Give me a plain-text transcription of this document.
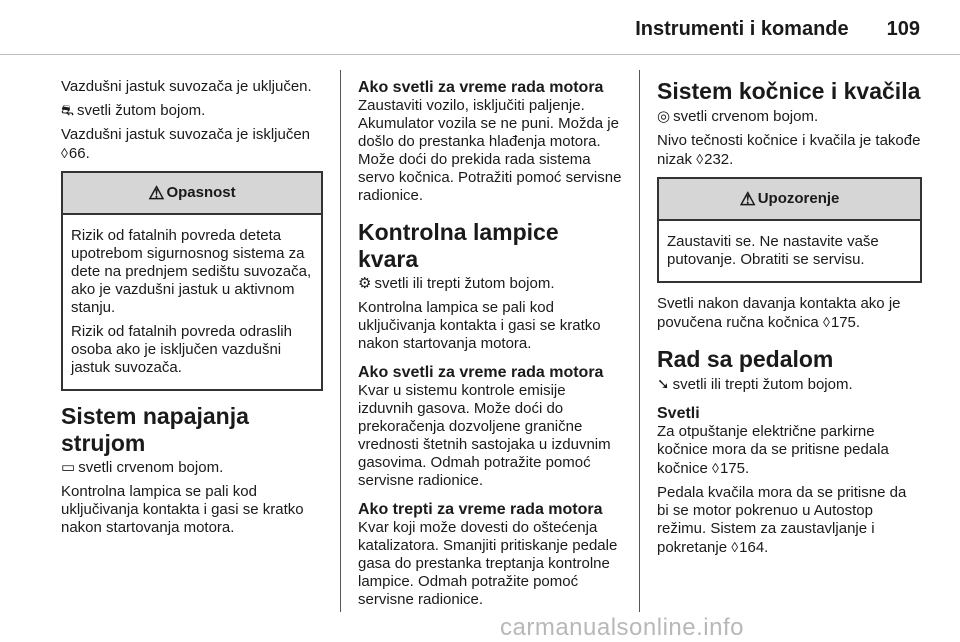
Instrumenti i komande 109

Vazdušni jastuk suvozača je uključen.

⛐ svetli žutom bojom.

Vazdušni jastuk suvozača je isključen ◊66.

⚠ Opasnost

Rizik od fatalnih povreda deteta upotrebom sigurnosnog sistema za dete na prednjem sedištu suvozača, ako je vazdušni jastuk u aktivnom stanju.

Rizik od fatalnih povreda odraslih osoba ako je isključen vazdušni jastuk suvozača.

Sistem napajanja strujom

▭ svetli crvenom bojom.

Kontrolna lampica se pali kod uključivanja kontakta i gasi se kratko nakon startovanja motora.

Ako svetli za vreme rada motora

Zaustaviti vozilo, isključiti paljenje. Akumulator vozila se ne puni. Možda je došlo do prestanka hlađenja motora. Može doći do prekida rada sistema servo kočnica. Potražiti pomoć servisne radionice.

Kontrolna lampice kvara

⚙ svetli ili trepti žutom bojom.

Kontrolna lampica se pali kod uključivanja kontakta i gasi se kratko nakon startovanja motora.

Ako svetli za vreme rada motora

Kvar u sistemu kontrole emisije izduvnih gasova. Može doći do prekoračenja dozvoljene granične vrednosti štetnih sastojaka u izduvnim gasovima. Odmah potražite pomoć servisne radionice.

Ako trepti za vreme rada motora

Kvar koji može dovesti do oštećenja katalizatora. Smanjiti pritiskanje pedale gasa do prestanka treptanja kontrolne lampice. Odmah potražite pomoć servisne radionice.

Sistem kočnice i kvačila

◎ svetli crvenom bojom.

Nivo tečnosti kočnice i kvačila je takođe nizak ◊232.

⚠ Upozorenje

Zaustaviti se. Ne nastavite vaše putovanje. Obratiti se servisu.

Svetli nakon davanja kontakta ako je povučena ručna kočnica ◊175.

Rad sa pedalom

➘ svetli ili trepti žutom bojom.

Svetli

Za otpuštanje električne parkirne kočnice mora da se pritisne pedala kočnice ◊175.

Pedala kvačila mora da se pritisne da bi se motor pokrenuo u Autostop režimu. Sistem za zaustavljanje i pokretanje ◊164.

carmanualsonline.info
